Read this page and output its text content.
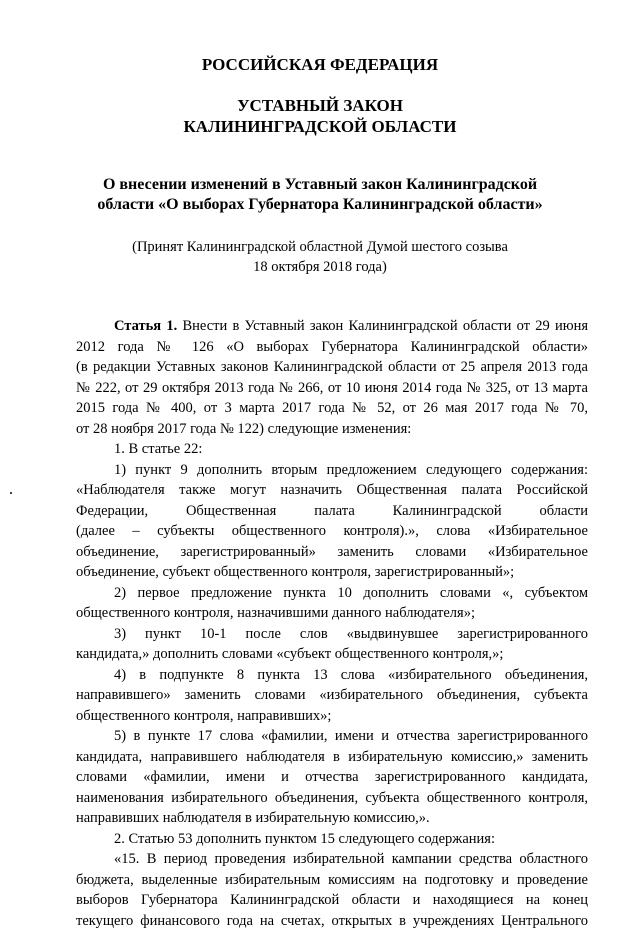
РОССИЙСКАЯ ФЕДЕРАЦИЯ
УСТАВНЫЙ ЗАКОН
КАЛИНИНГРАДСКОЙ ОБЛАСТИ
О внесении изменений в Уставный закон Калининградской
области «О выборах Губернатора Калининградской области»
(Принят Калининградской областной Думой шестого созыва
18 октября 2018 года)
Статья 1. Внести в Уставный закон Калининградской области от 29 июня
2012 года № 126 «О выборах Губернатора Калининградской области»
(в редакции Уставных законов Калининградской области от 25 апреля 2013 года
№ 222, от 29 октября 2013 года № 266, от 10 июня 2014 года № 325, от 13 марта
2015 года № 400, от 3 марта 2017 года № 52, от 26 мая 2017 года № 70,
от 28 ноября 2017 года № 122) следующие изменения:
1. В статье 22:
1) пункт 9 дополнить вторым предложением следующего содержания:
«Наблюдателя также могут назначить Общественная палата Российской
Федерации, Общественная палата Калининградской области
(далее – субъекты общественного контроля).», слова «Избирательное
объединение, зарегистрированный» заменить словами «Избирательное
объединение, субъект общественного контроля, зарегистрированный»;
2) первое предложение пункта 10 дополнить словами «, субъектом
общественного контроля, назначившими данного наблюдателя»;
3) пункт 10-1 после слов «выдвинувшее зарегистрированного
кандидата,» дополнить словами «субъект общественного контроля,»;
4) в подпункте 8 пункта 13 слова «избирательного объединения,
направившего» заменить словами «избирательного объединения, субъекта
общественного контроля, направивших»;
5) в пункте 17 слова «фамилии, имени и отчества зарегистрированного
кандидата, направившего наблюдателя в избирательную комиссию,» заменить
словами «фамилии, имени и отчества зарегистрированного кандидата,
наименования избирательного объединения, субъекта общественного контроля,
направивших наблюдателя в избирательную комиссию,».
2. Статью 53 дополнить пунктом 15 следующего содержания:
«15. В период проведения избирательной кампании средства областного
бюджета, выделенные избирательным комиссиям на подготовку и проведение
выборов Губернатора Калининградской области и находящиеся на конец
текущего финансового года на счетах, открытых в учреждениях Центрального
